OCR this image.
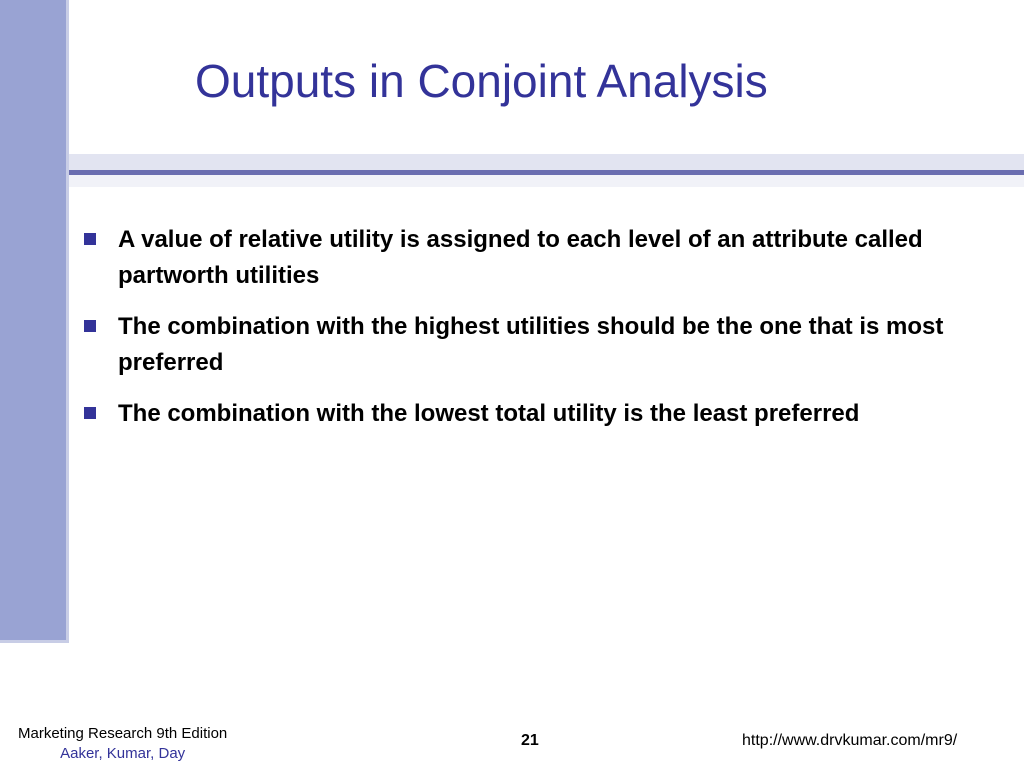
Outputs in Conjoint Analysis
A value of relative utility is assigned to each level of an attribute called partworth utilities
The combination with the highest utilities should be the one that is most preferred
The combination with the lowest total utility is the least preferred
Marketing Research 9th Edition
Aaker, Kumar, Day
21	http://www.drvkumar.com/mr9/
